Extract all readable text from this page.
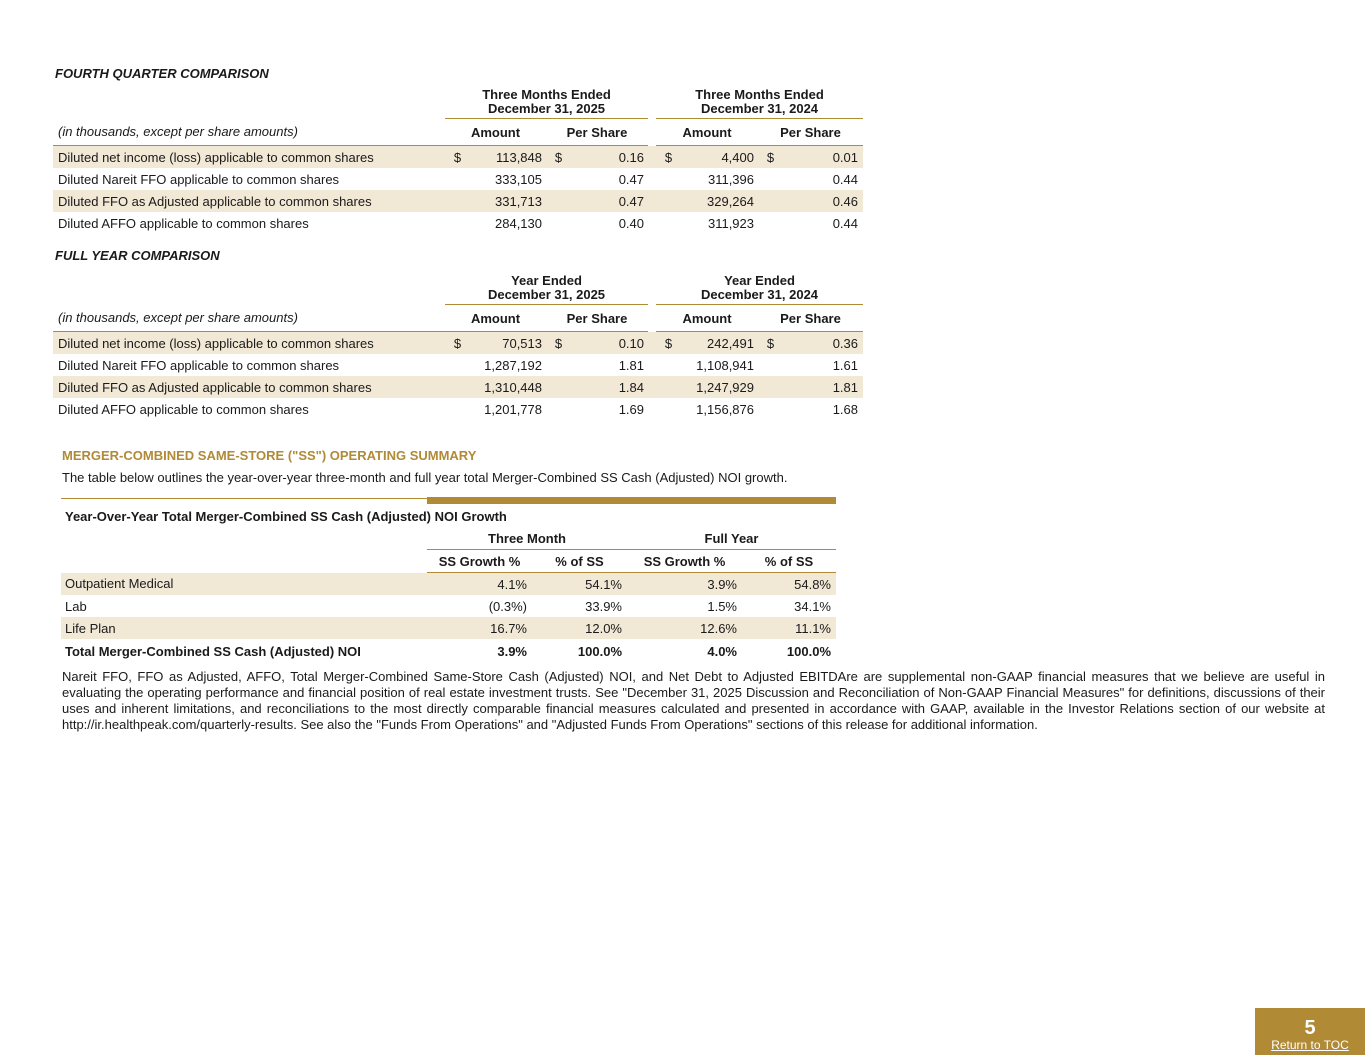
FOURTH QUARTER COMPARISON
	Three Months Ended
December 31, 2025					Three Months Ended
December 31, 2024			
(in thousands, except per share amounts)	Amount		Per Share			Amount		Per Share	
Diluted net income (loss) applicable to common shares	$	113,848	$	0.16		$	4,400	$	0.01
Diluted Nareit FFO applicable to common shares		333,105		0.47			311,396		0.44
Diluted FFO as Adjusted applicable to common shares		331,713		0.47			329,264		0.46
Diluted AFFO applicable to common shares		284,130		0.40			311,923		0.44
FULL YEAR COMPARISON
	Year Ended
December 31, 2025					Year Ended
December 31, 2024			
(in thousands, except per share amounts)	Amount		Per Share			Amount		Per Share	
Diluted net income (loss) applicable to common shares	$	70,513	$	0.10		$	242,491	$	0.36
Diluted Nareit FFO applicable to common shares		1,287,192		1.81			1,108,941		1.61
Diluted FFO as Adjusted applicable to common shares		1,310,448		1.84			1,247,929		1.81
Diluted AFFO applicable to common shares		1,201,778		1.69			1,156,876		1.68
MERGER-COMBINED SAME-STORE ("SS") OPERATING SUMMARY
The table below outlines the year-over-year three-month and full year total Merger-Combined SS Cash (Adjusted) NOI growth.
Year-Over-Year Total Merger-Combined SS Cash (Adjusted) NOI Growth				
	Three Month		Full Year	
	SS Growth %	% of SS	SS Growth %	% of SS
Outpatient Medical	4.1%	54.1%	3.9%	54.8%
Lab	(0.3%)	33.9%	1.5%	34.1%
Life Plan	16.7%	12.0%	12.6%	11.1%
Total Merger-Combined SS Cash (Adjusted) NOI	3.9%	100.0%	4.0%	100.0%
Nareit FFO, FFO as Adjusted, AFFO, Total Merger-Combined Same-Store Cash (Adjusted) NOI, and Net Debt to Adjusted EBITDAre are supplemental non-GAAP financial measures that we believe are useful in evaluating the operating performance and financial position of real estate investment trusts. See "December 31, 2025 Discussion and Reconciliation of Non-GAAP Financial Measures" for definitions, discussions of their uses and inherent limitations, and reconciliations to the most directly comparable financial measures calculated and presented in accordance with GAAP, available in the Investor Relations section of our website at http://ir.healthpeak.com/quarterly-results. See also the "Funds From Operations" and "Adjusted Funds From Operations" sections of this release for additional information.
5
Return to TOC
